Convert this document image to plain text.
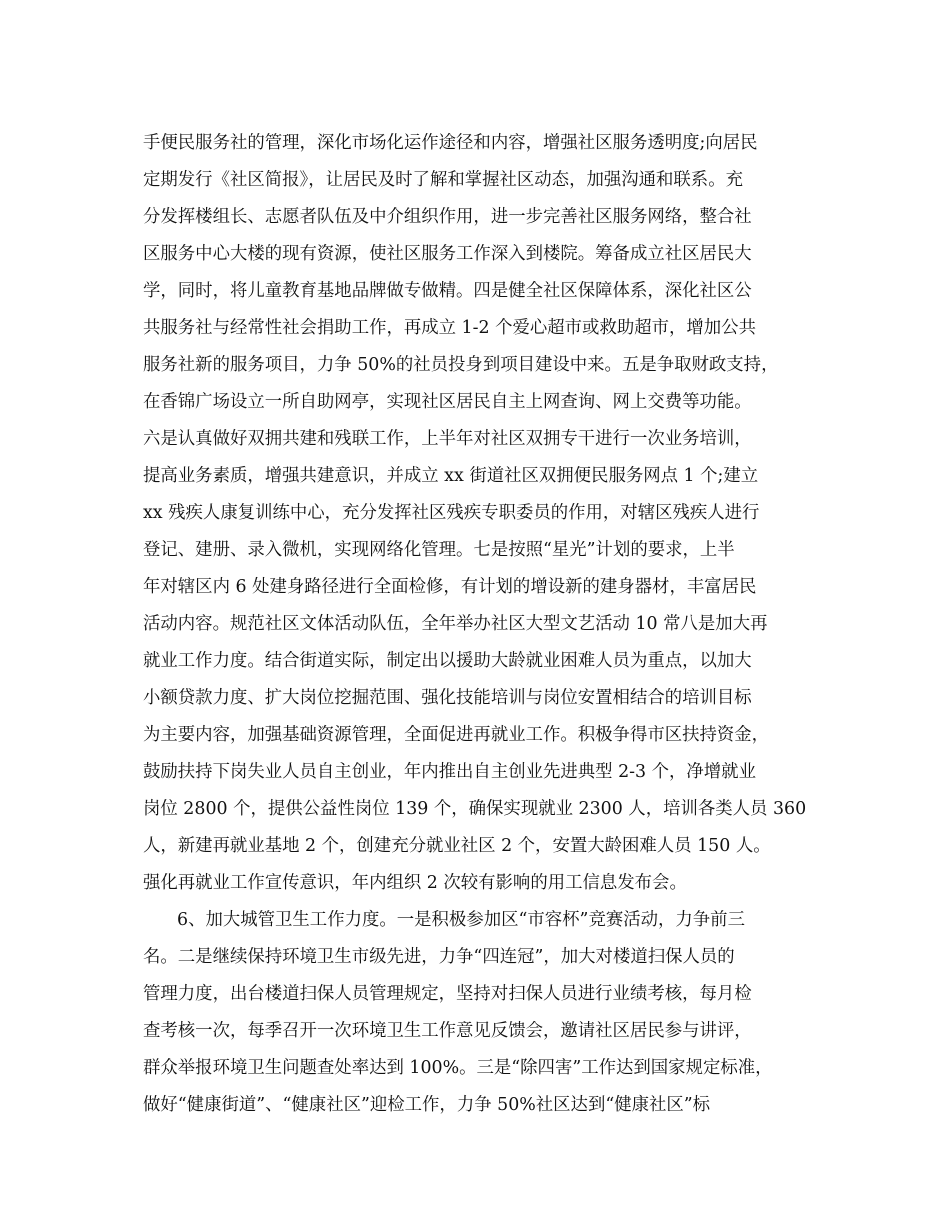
手便民服务社的管理，深化市场化运作途径和内容，增强社区服务透明度;向居民
定期发行《社区简报》，让居民及时了解和掌握社区动态，加强沟通和联系。充
分发挥楼组长、志愿者队伍及中介组织作用，进一步完善社区服务网络，整合社
区服务中心大楼的现有资源，使社区服务工作深入到楼院。筹备成立社区居民大
学，同时，将儿童教育基地品牌做专做精。四是健全社区保障体系，深化社区公
共服务社与经常性社会捐助工作，再成立 1-2 个爱心超市或救助超市，增加公共
服务社新的服务项目，力争 50%的社员投身到项目建设中来。五是争取财政支持，
在香锦广场设立一所自助网亭，实现社区居民自主上网查询、网上交费等功能。
六是认真做好双拥共建和残联工作，上半年对社区双拥专干进行一次业务培训，
提高业务素质，增强共建意识，并成立 xx 街道社区双拥便民服务网点 1 个;建立
xx 残疾人康复训练中心，充分发挥社区残疾专职委员的作用，对辖区残疾人进行
登记、建册、录入微机，实现网络化管理。七是按照“星光”计划的要求，上半
年对辖区内 6 处建身路径进行全面检修，有计划的增设新的建身器材，丰富居民
活动内容。规范社区文体活动队伍，全年举办社区大型文艺活动 10 常八是加大再
就业工作力度。结合街道实际，制定出以援助大龄就业困难人员为重点，以加大
小额贷款力度、扩大岗位挖掘范围、强化技能培训与岗位安置相结合的培训目标
为主要内容，加强基础资源管理，全面促进再就业工作。积极争得市区扶持资金，
鼓励扶持下岗失业人员自主创业，年内推出自主创业先进典型 2-3 个，净增就业
岗位 2800 个，提供公益性岗位 139 个，确保实现就业 2300 人，培训各类人员 360
人，新建再就业基地 2 个，创建充分就业社区 2 个，安置大龄困难人员 150 人。
强化再就业工作宣传意识，年内组织 2 次较有影响的用工信息发布会。
6、加大城管卫生工作力度。一是积极参加区“市容杯”竞赛活动，力争前三
名。二是继续保持环境卫生市级先进，力争“四连冠”，加大对楼道扫保人员的
管理力度，出台楼道扫保人员管理规定，坚持对扫保人员进行业绩考核，每月检
查考核一次，每季召开一次环境卫生工作意见反馈会，邀请社区居民参与讲评，
群众举报环境卫生问题查处率达到 100%。三是“除四害”工作达到国家规定标准，
做好“健康街道”、“健康社区”迎检工作，力争 50%社区达到“健康社区”标
